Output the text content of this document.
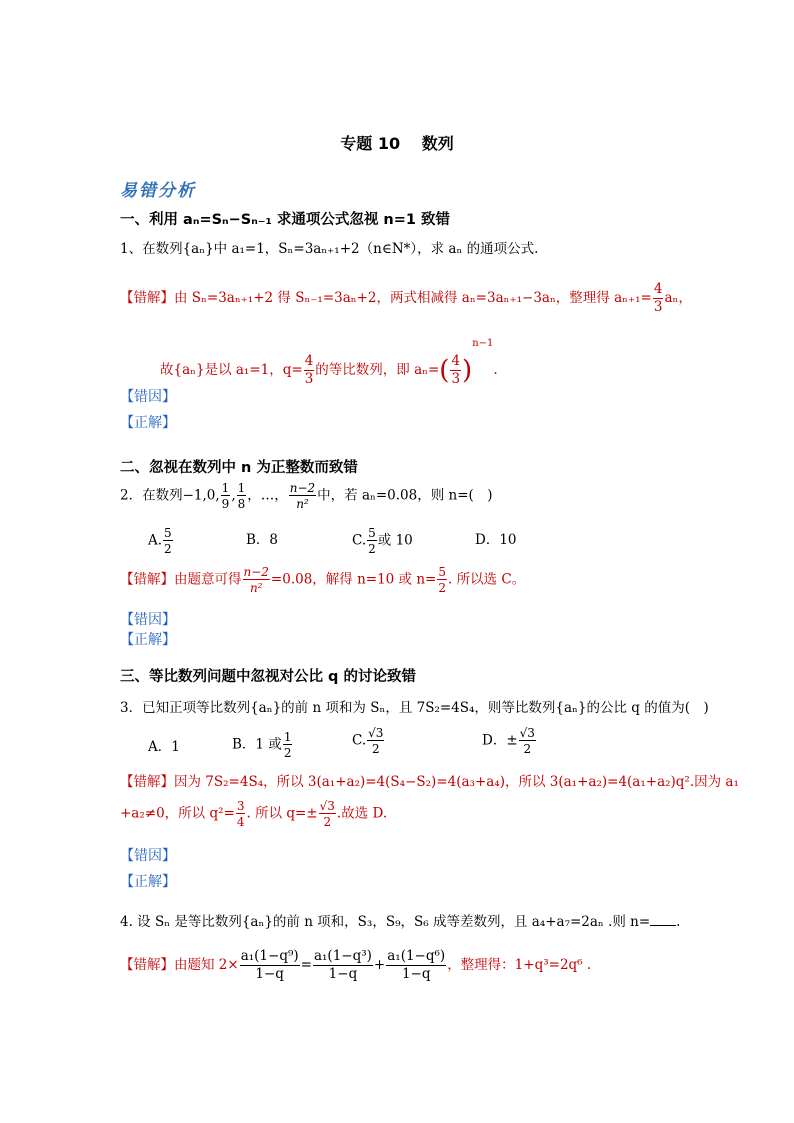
专题 10　 数列
易错分析
一、利用 aₙ=Sₙ−Sₙ₋₁ 求通项公式忽视 n=1 致错
1、在数列{aₙ}中 a₁=1，Sₙ=3aₙ₊₁+2（n∈N*），求 aₙ 的通项公式.
【错解】由 Sₙ=3aₙ₊₁+2 得 Sₙ₋₁=3aₙ+2，两式相减得 aₙ=3aₙ₊₁−3aₙ，整理得 $a_{n+1}= \frac{4}{3}$ aₙ，
故{aₙ}是以 a₁=1，$q= \frac{4}{3}$ 的等比数列，即 $a_n=( \frac{4}{3} )^{n-1}$.
【错因】
【正解】
二、忽视在数列中 n 为正整数而致错
2．在数列−1,0, $\frac{1}{9}$ , $\frac{1}{8}$ ，…， $\frac{n-2}{\text{n²}}$ 中，若 aₙ=0.08，则 n=(　)
A. $\frac{5}{2}$	B．8	C. $\frac{5}{2}$ 或 10	D．10
【错解】由题意可得 $\frac{n-2}{\text{n²}} =0.08$，解得 n=10 或 $n= \frac{5}{2}$ . 所以选 C。
【错因】
【正解】
三、等比数列问题中忽视对公比 q 的讨论致错
3．已知正项等比数列{aₙ}的前 n 项和为 Sₙ，且 7S₂=4S₄，则等比数列{aₙ}的公比 q 的值为(　)
A．1	B．1 或 $\frac{1}{2}$	C. $\frac{√3}{2}$	D．± $\frac{√3}{2}$
【错解】因为 7S₂=4S₄，所以 3(a₁+a₂)=4(S₄−S₂)=4(a₃+a₄)，所以 3(a₁+a₂)=4(a₁+a₂)q².因为 a₁
+a₂≠0，所以 $q^2= \frac{3}{4}$ . 所以 $q=\pm \frac{√3}{2}$ .故选 D.
【错因】
【正解】
4. 设 Sₙ 是等比数列{aₙ}的前 n 项和，S₃，S₉，S₆ 成等差数列，且 a₄+a₇=2aₙ .则 n= .
【错解】由题知 $2\times \frac{\text{a₁(1−q⁹)}}{1-q} = \frac{\text{a₁(1−q³)}}{1-q} + \frac{\text{a₁(1−q⁶)}}{1-q}$ ，整理得：1+q³=2q⁶ .
